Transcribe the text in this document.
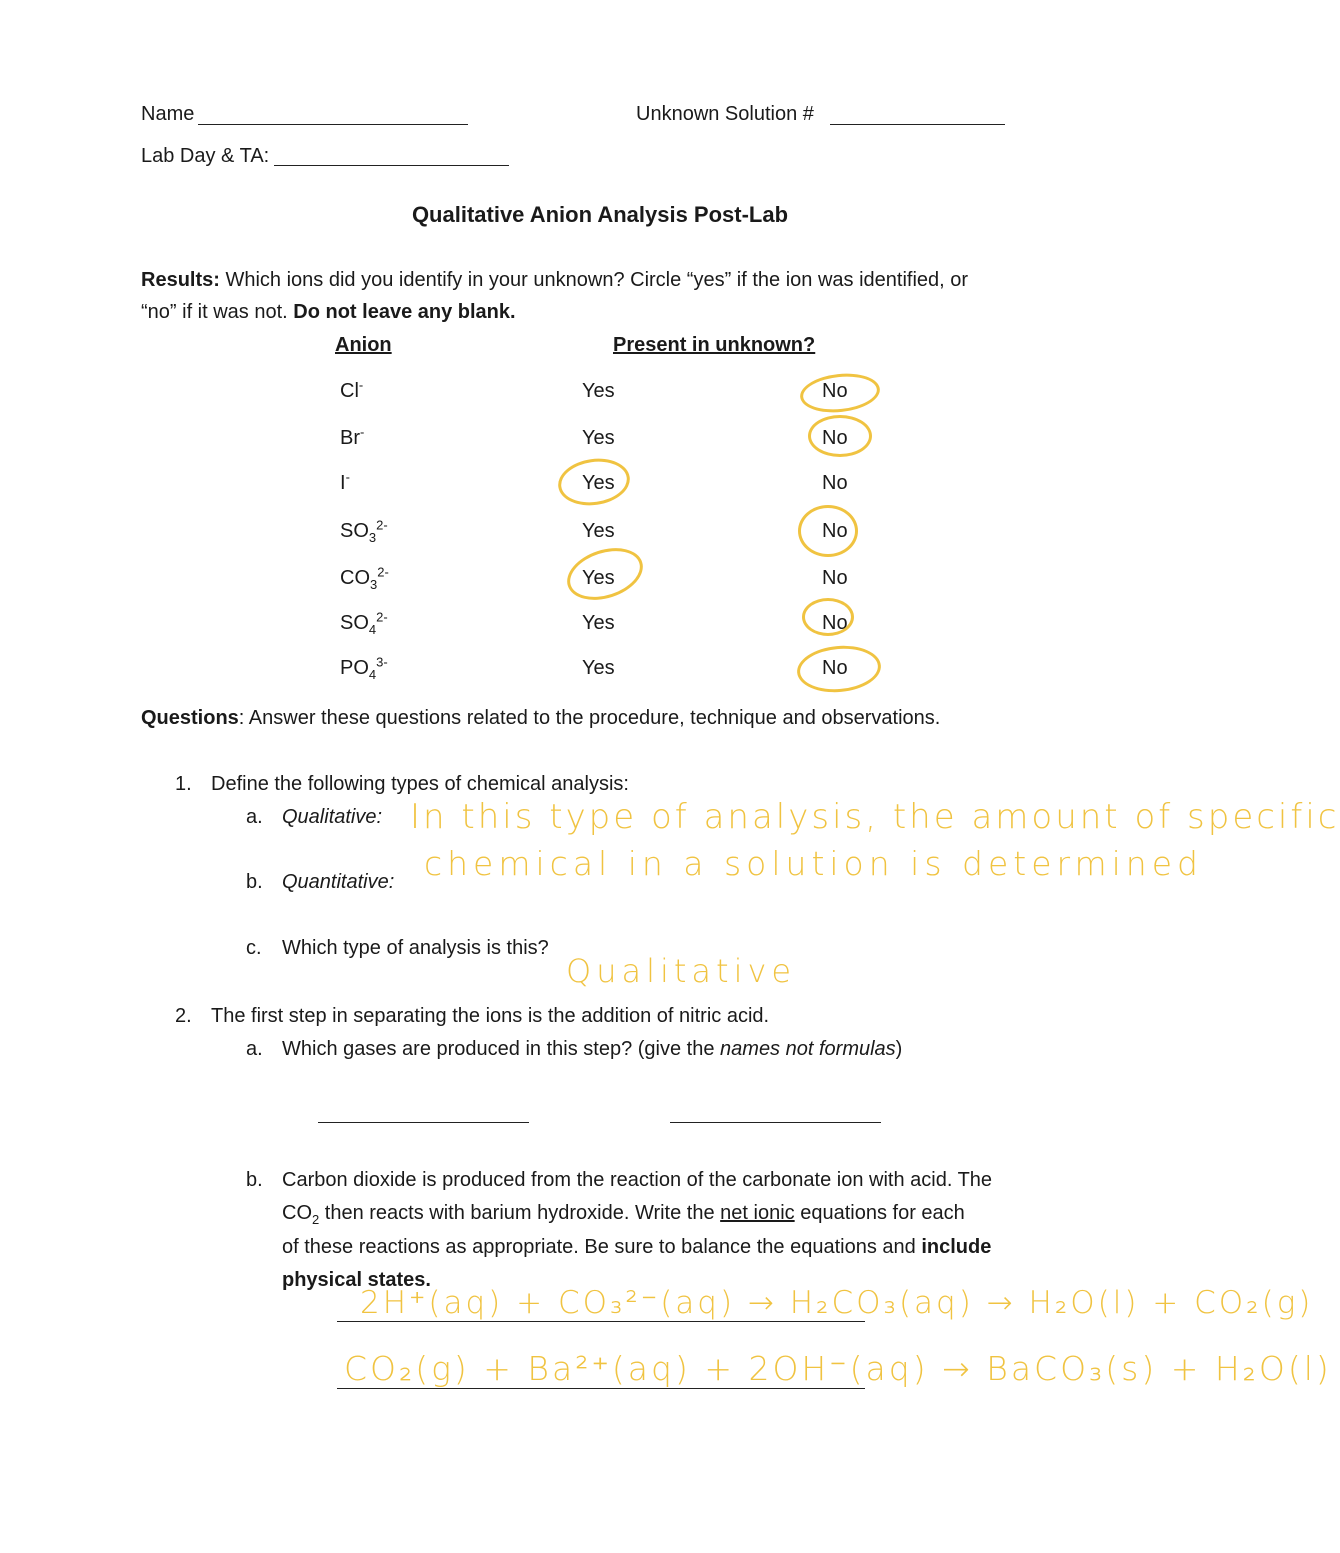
Name	Unknown Solution #
Lab Day & TA:
Qualitative Anion Analysis Post-Lab
Results: Which ions did you identify in your unknown? Circle “yes” if the ion was identified, or
“no” if it was not. Do not leave any blank.
Anion	Present in unknown?
Cl-	Yes	No
Br-	Yes	No
I-	Yes	No
$SO_3^{2-}$	Yes	No
$CO_3^{2-}$	Yes	No
$SO_4^{2-}$	Yes	No
$PO_4^{3-}$	Yes	No
Questions: Answer these questions related to the procedure, technique and observations.
1. Define the following types of chemical analysis:
a. Qualitative:
b. Quantitative:
c. Which type of analysis is this?
In this type of analysis, the amount of specific
chemical in a solution is determined
Qualitative
2. The first step in separating the ions is the addition of nitric acid.
a. Which gases are produced in this step? (give the names not formulas)
b. Carbon dioxide is produced from the reaction of the carbonate ion with acid. The
$CO_2$ then reacts with barium hydroxide. Write the net ionic equations for each
of these reactions as appropriate. Be sure to balance the equations and include
physical states.
2H⁺(aq) + CO₃²⁻(aq) → H₂CO₃(aq) → H₂O(l) + CO₂(g)
CO₂(g) + Ba²⁺(aq) + 2OH⁻(aq) → BaCO₃(s) + H₂O(l)
